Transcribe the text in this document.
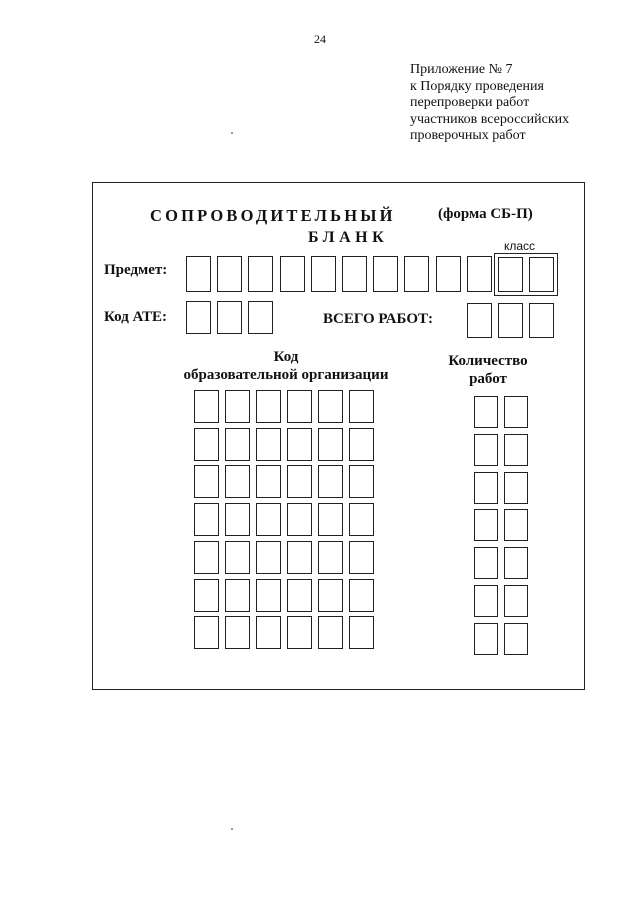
24
Приложение № 7
к Порядку проведения
перепроверки работ
участников всероссийских
проверочных работ
СОПРОВОДИТЕЛЬНЫЙ	(форма СБ-П)
БЛАНК	класс
Предмет:
Код АТЕ:	ВСЕГО РАБОТ:
Код
образовательной организации
Количество
работ
